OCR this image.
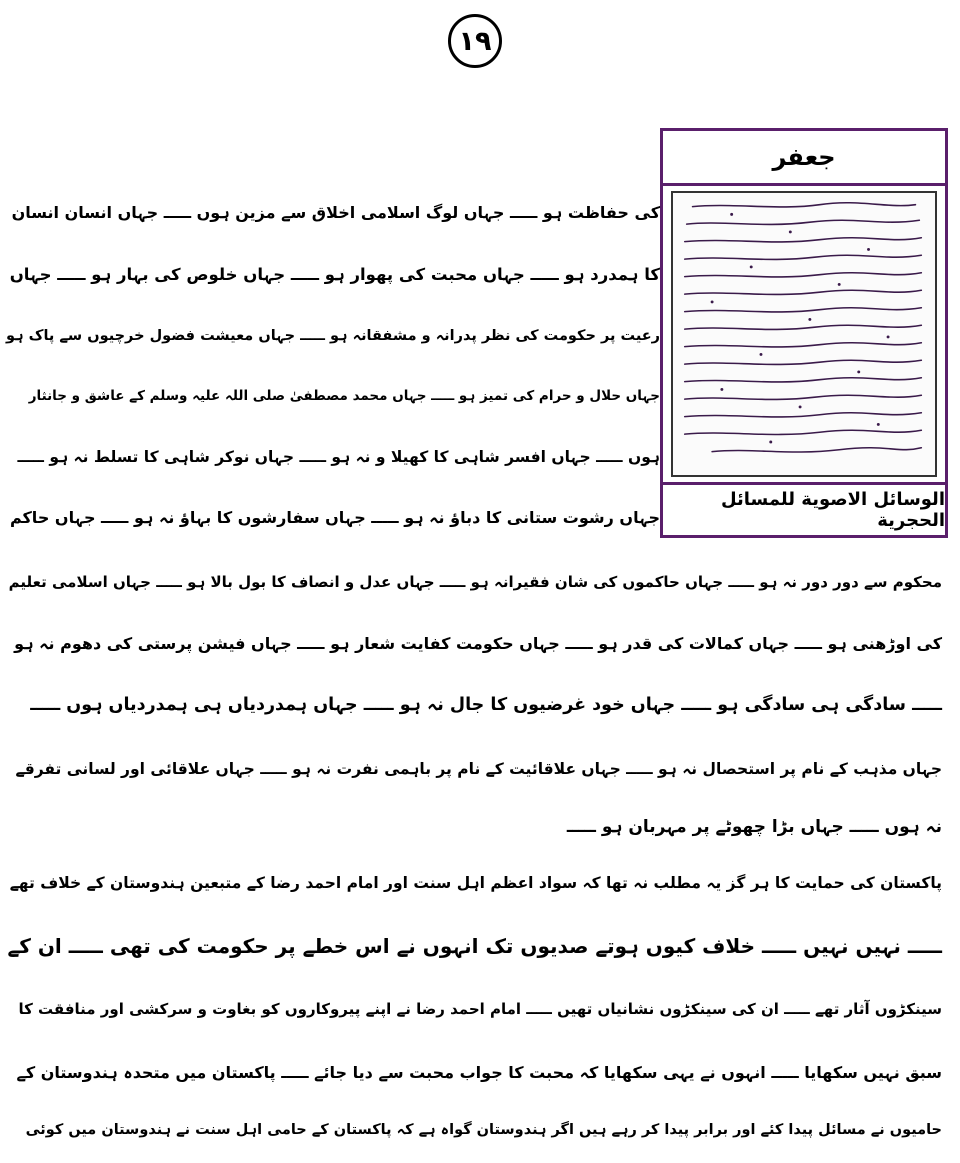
١٩
جعفر
الوسائل الاصوية للمسائل الحجرية
کی حفاظت ہو ـــــ جہاں لوگ اسلامی اخلاق سے مزین ہوں ـــــ جہاں انسان انسان
کا ہمدرد ہو ـــــ جہاں محبت کی پھوار ہو ـــــ جہاں خلوص کی بہار ہو ـــــ جہاں
رعیت پر حکومت کی نظر پدرانہ و مشفقانہ ہو ـــــ جہاں معیشت فضول خرچیوں سے پاک ہو
جہاں حلال و حرام کی تمیز ہو ـــــ جہاں محمد مصطفیٰ صلی اللہ علیہ وسلم کے عاشق و جانثار
ہوں ـــــ جہاں افسر شاہی کا کھیلا و نہ ہو ـــــ جہاں نوکر شاہی کا تسلط نہ ہو ـــــ
جہاں رشوت ستانی کا دباؤ نہ ہو ـــــ جہاں سفارشوں کا بہاؤ نہ ہو ـــــ جہاں حاکم
محکوم سے دور دور نہ ہو ـــــ جہاں حاکموں کی شان فقیرانہ ہو ـــــ جہاں عدل و انصاف کا بول بالا ہو ـــــ جہاں اسلامی تعلیم
کی اوڑھنی ہو ـــــ جہاں کمالات کی قدر ہو ـــــ جہاں حکومت کفایت شعار ہو ـــــ جہاں فیشن پرستی کی دھوم نہ ہو
ـــــ سادگی ہی سادگی ہو ـــــ جہاں خود غرضیوں کا جال نہ ہو ـــــ جہاں ہمدردیاں ہی ہمدردیاں ہوں ـــــ
جہاں مذہب کے نام پر استحصال نہ ہو ـــــ جہاں علاقائیت کے نام پر باہمی نفرت نہ ہو ـــــ جہاں علاقائی اور لسانی تفرقے
نہ ہوں ـــــ جہاں بڑا چھوٹے پر مہربان ہو ـــــ
پاکستان کی حمایت کا ہر گز یہ مطلب نہ تھا کہ سواد اعظم اہل سنت اور امام احمد رضا کے متبعین ہندوستان کے خلاف تھے
ـــــ نہیں نہیں ـــــ خلاف کیوں ہوتے صدیوں تک انہوں نے اس خطے پر حکومت کی تھی ـــــ ان کے
سینکڑوں آثار تھے ـــــ ان کی سینکڑوں نشانیاں تھیں ـــــ امام احمد رضا نے اپنے پیروکاروں کو بغاوت و سرکشی اور منافقت کا
سبق نہیں سکھایا ـــــ انہوں نے یہی سکھایا کہ محبت کا جواب محبت سے دیا جائے ـــــ پاکستان میں متحدہ ہندوستان کے
حامیوں نے مسائل پیدا کئے اور برابر پیدا کر رہے ہیں اگر ہندوستان گواہ ہے کہ پاکستان کے حامی اہل سنت نے ہندوستان میں کوئی
